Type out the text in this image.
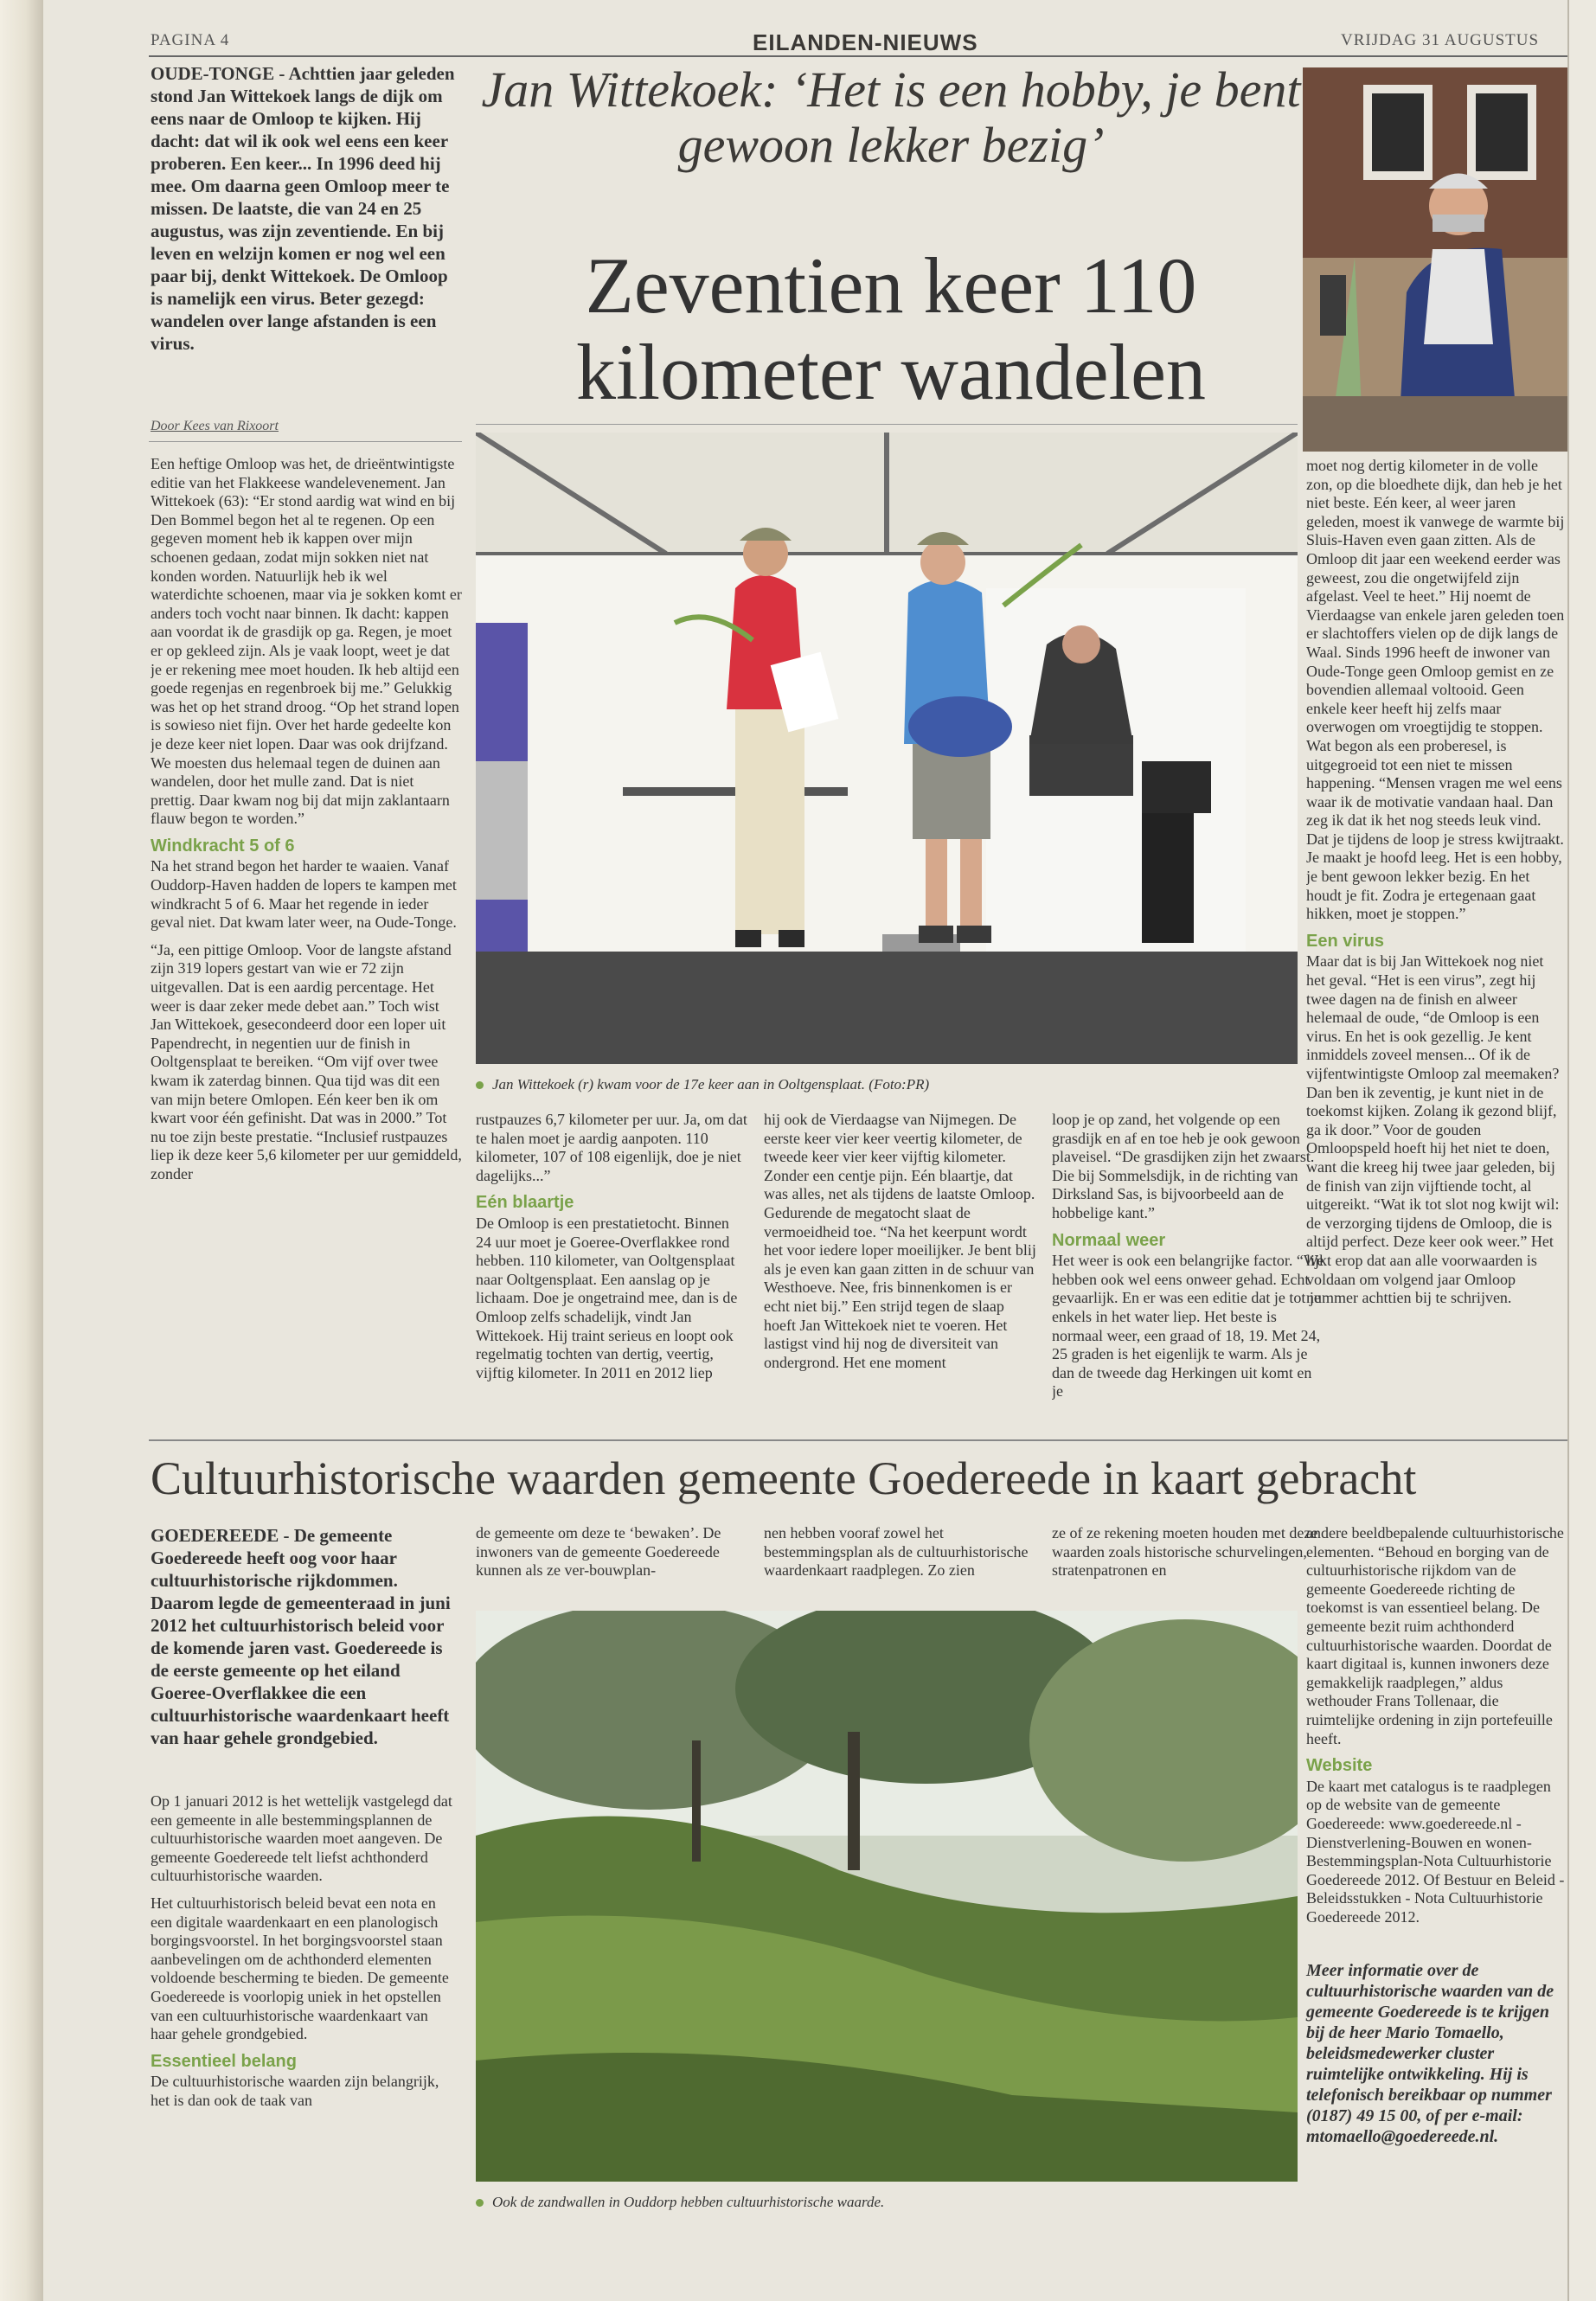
PAGINA 4	EILANDEN-NIEUWS	VRIJDAG 31 AUGUSTUS
OUDE-TONGE - Achttien jaar geleden stond Jan Wittekoek langs de dijk om eens naar de Omloop te kijken. Hij dacht: dat wil ik ook wel eens een keer proberen. Een keer... In 1996 deed hij mee. Om daarna geen Omloop meer te missen. De laatste, die van 24 en 25 augustus, was zijn zeventiende. En bij leven en welzijn komen er nog wel een paar bij, denkt Wittekoek. De Omloop is namelijk een virus. Beter gezegd: wandelen over lange afstanden is een virus.
Door Kees van Rixoort

Een heftige Omloop was het, de drieëntwintigste editie van het Flakkeese wandelevenement. Jan Wittekoek (63): “Er stond aardig wat wind en bij Den Bommel begon het al te regenen. Op een gegeven moment heb ik kappen over mijn schoenen gedaan, zodat mijn sokken niet nat konden worden. Natuurlijk heb ik wel waterdichte schoenen, maar via je sokken komt er anders toch vocht naar binnen. Ik dacht: kappen aan voordat ik de grasdijk op ga. Regen, je moet er op gekleed zijn. Als je vaak loopt, weet je dat je er rekening mee moet houden. Ik heb altijd een goede regenjas en regenbroek bij me.” Gelukkig was het op het strand droog. “Op het strand lopen is sowieso niet fijn. Over het harde gedeelte kon je deze keer niet lopen. Daar was ook drijfzand. We moesten dus helemaal tegen de duinen aan wandelen, door het mulle zand. Dat is niet prettig. Daar kwam nog bij dat mijn zaklantaarn flauw begon te worden.”

Windkracht 5 of 6

Na het strand begon het harder te waaien. Vanaf Ouddorp-Haven hadden de lopers te kampen met windkracht 5 of 6. Maar het regende in ieder geval niet. Dat kwam later weer, na Oude-Tonge.

“Ja, een pittige Omloop. Voor de langste afstand zijn 319 lopers gestart van wie er 72 zijn uitgevallen. Dat is een aardig percentage. Het weer is daar zeker mede debet aan.” Toch wist Jan Wittekoek, gesecondeerd door een loper uit Papendrecht, in negentien uur de finish in Ooltgensplaat te bereiken. “Om vijf over twee kwam ik zaterdag binnen. Qua tijd was dit een van mijn betere Omlopen. Eén keer ben ik om kwart voor één gefinisht. Dat was in 2000.” Tot nu toe zijn beste prestatie. “Inclusief rustpauzes liep ik deze keer 5,6 kilometer per uur gemiddeld, zonder

Jan Wittekoek: ‘Het is een hobby, je bent gewoon lekker bezig’
Zeventien keer 110 kilometer wandelen
Jan Wittekoek (r) kwam voor de 17e keer aan in Ooltgensplaat. (Foto:PR)

rustpauzes 6,7 kilometer per uur. Ja, om dat te halen moet je aardig aanpoten. 110 kilometer, 107 of 108 eigenlijk, doe je niet dagelijks...”

Eén blaartje

De Omloop is een prestatietocht. Binnen 24 uur moet je Goeree-Overflakkee rond hebben. 110 kilometer, van Ooltgensplaat naar Ooltgensplaat. Een aanslag op je lichaam. Doe je ongetraind mee, dan is de Omloop zelfs schadelijk, vindt Jan Wittekoek. Hij traint serieus en loopt ook regelmatig tochten van dertig, veertig, vijftig kilometer. In 2011 en 2012 liep

hij ook de Vierdaagse van Nijmegen. De eerste keer vier keer veertig kilometer, de tweede keer vier keer vijftig kilometer. Zonder een centje pijn. Eén blaartje, dat was alles, net als tijdens de laatste Omloop. Gedurende de megatocht slaat de vermoeidheid toe. “Na het keerpunt wordt het voor iedere loper moeilijker. Je bent blij als je even kan gaan zitten in de schuur van Westhoeve. Nee, fris binnenkomen is er echt niet bij.” Een strijd tegen de slaap hoeft Jan Wittekoek niet te voeren. Het lastigst vind hij nog de diversiteit van ondergrond. Het ene moment

loop je op zand, het volgende op een grasdijk en af en toe heb je ook gewoon plaveisel. “De grasdijken zijn het zwaarst. Die bij Sommelsdijk, in de richting van Dirksland Sas, is bijvoorbeeld aan de hobbelige kant.”

Normaal weer

Het weer is ook een belangrijke factor. “We hebben ook wel eens onweer gehad. Echt gevaarlijk. En er was een editie dat je tot je enkels in het water liep. Het beste is normaal weer, een graad of 18, 19. Met 24, 25 graden is het eigenlijk te warm. Als je dan de tweede dag Herkingen uit komt en je

moet nog dertig kilometer in de volle zon, op die bloedhete dijk, dan heb je het niet beste. Eén keer, al weer jaren geleden, moest ik vanwege de warmte bij Sluis-Haven even gaan zitten. Als de Omloop dit jaar een weekend eerder was geweest, zou die ongetwijfeld zijn afgelast. Veel te heet.” Hij noemt de Vierdaagse van enkele jaren geleden toen er slachtoffers vielen op de dijk langs de Waal. Sinds 1996 heeft de inwoner van Oude-Tonge geen Omloop gemist en ze bovendien allemaal voltooid. Geen enkele keer heeft hij zelfs maar overwogen om vroegtijdig te stoppen. Wat begon als een proberesel, is uitgegroeid tot een niet te missen happening. “Mensen vragen me wel eens waar ik de motivatie vandaan haal. Dan zeg ik dat ik het nog steeds leuk vind. Dat je tijdens de loop je stress kwijtraakt. Je maakt je hoofd leeg. Het is een hobby, je bent gewoon lekker bezig. En het houdt je fit. Zodra je ertegenaan gaat hikken, moet je stoppen.”

Een virus

Maar dat is bij Jan Wittekoek nog niet het geval. “Het is een virus”, zegt hij twee dagen na de finish en alweer helemaal de oude, “de Omloop is een virus. En het is ook gezellig. Je kent inmiddels zoveel mensen... Of ik de vijfentwintigste Omloop zal meemaken? Dan ben ik zeventig, je kunt niet in de toekomst kijken. Zolang ik gezond blijf, ga ik door.” Voor de gouden Omloopspeld hoeft hij het niet te doen, want die kreeg hij twee jaar geleden, bij de finish van zijn vijftiende tocht, al uitgereikt. “Wat ik tot slot nog kwijt wil: de verzorging tijdens de Omloop, die is altijd perfect. Deze keer ook weer.” Het lijkt erop dat aan alle voorwaarden is voldaan om volgend jaar Omloop nummer achttien bij te schrijven.

Cultuurhistorische waarden gemeente Goedereede in kaart gebracht
GOEDEREEDE - De gemeente Goedereede heeft oog voor haar cultuurhistorische rijkdommen. Daarom legde de gemeenteraad in juni 2012 het cultuurhistorisch beleid voor de komende jaren vast. Goedereede is de eerste gemeente op het eiland Goeree-Overflakkee die een cultuurhistorische waardenkaart heeft van haar gehele grondgebied.

Op 1 januari 2012 is het wettelijk vastgelegd dat een gemeente in alle bestemmingsplannen de cultuurhistorische waarden moet aangeven. De gemeente Goedereede telt liefst achthonderd cultuurhistorische waarden.

Het cultuurhistorisch beleid bevat een nota en een digitale waardenkaart en een planologisch borgingsvoorstel. In het borgingsvoorstel staan aanbevelingen om de achthonderd elementen voldoende bescherming te bieden. De gemeente Goedereede is voorlopig uniek in het opstellen van een cultuurhistorische waardenkaart van haar gehele grondgebied.

Essentieel belang

De cultuurhistorische waarden zijn belangrijk, het is dan ook de taak van

de gemeente om deze te ‘bewaken’. De inwoners van de gemeente Goedereede kunnen als ze ver-bouwplan-
nen hebben vooraf zowel het bestemmingsplan als de cultuurhistorische waardenkaart raadplegen. Zo zien
ze of ze rekening moeten houden met deze waarden zoals historische schurvelingen, stratenpatronen en
Ook de zandwallen in Ouddorp hebben cultuurhistorische waarde.

andere beeldbepalende cultuurhistorische elementen. “Behoud en borging van de cultuurhistorische rijkdom van de gemeente Goedereede richting de toekomst is van essentieel belang. De gemeente bezit ruim achthonderd cultuurhistorische waarden. Doordat de kaart digitaal is, kunnen inwoners deze gemakkelijk raadplegen,” aldus wethouder Frans Tollenaar, die ruimtelijke ordening in zijn portefeuille heeft.

Website

De kaart met catalogus is te raadplegen op de website van de gemeente Goedereede: www.goedereede.nl - Dienstverlening-Bouwen en wonen-Bestemmingsplan-Nota Cultuurhistorie Goedereede 2012. Of Bestuur en Beleid - Beleidsstukken - Nota Cultuurhistorie Goedereede 2012.

Meer informatie over de cultuurhistorische waarden van de gemeente Goedereede is te krijgen bij de heer Mario Tomaello, beleidsmedewerker cluster ruimtelijke ontwikkeling. Hij is telefonisch bereikbaar op nummer (0187) 49 15 00, of per e-mail: mtomaello@goedereede.nl.
